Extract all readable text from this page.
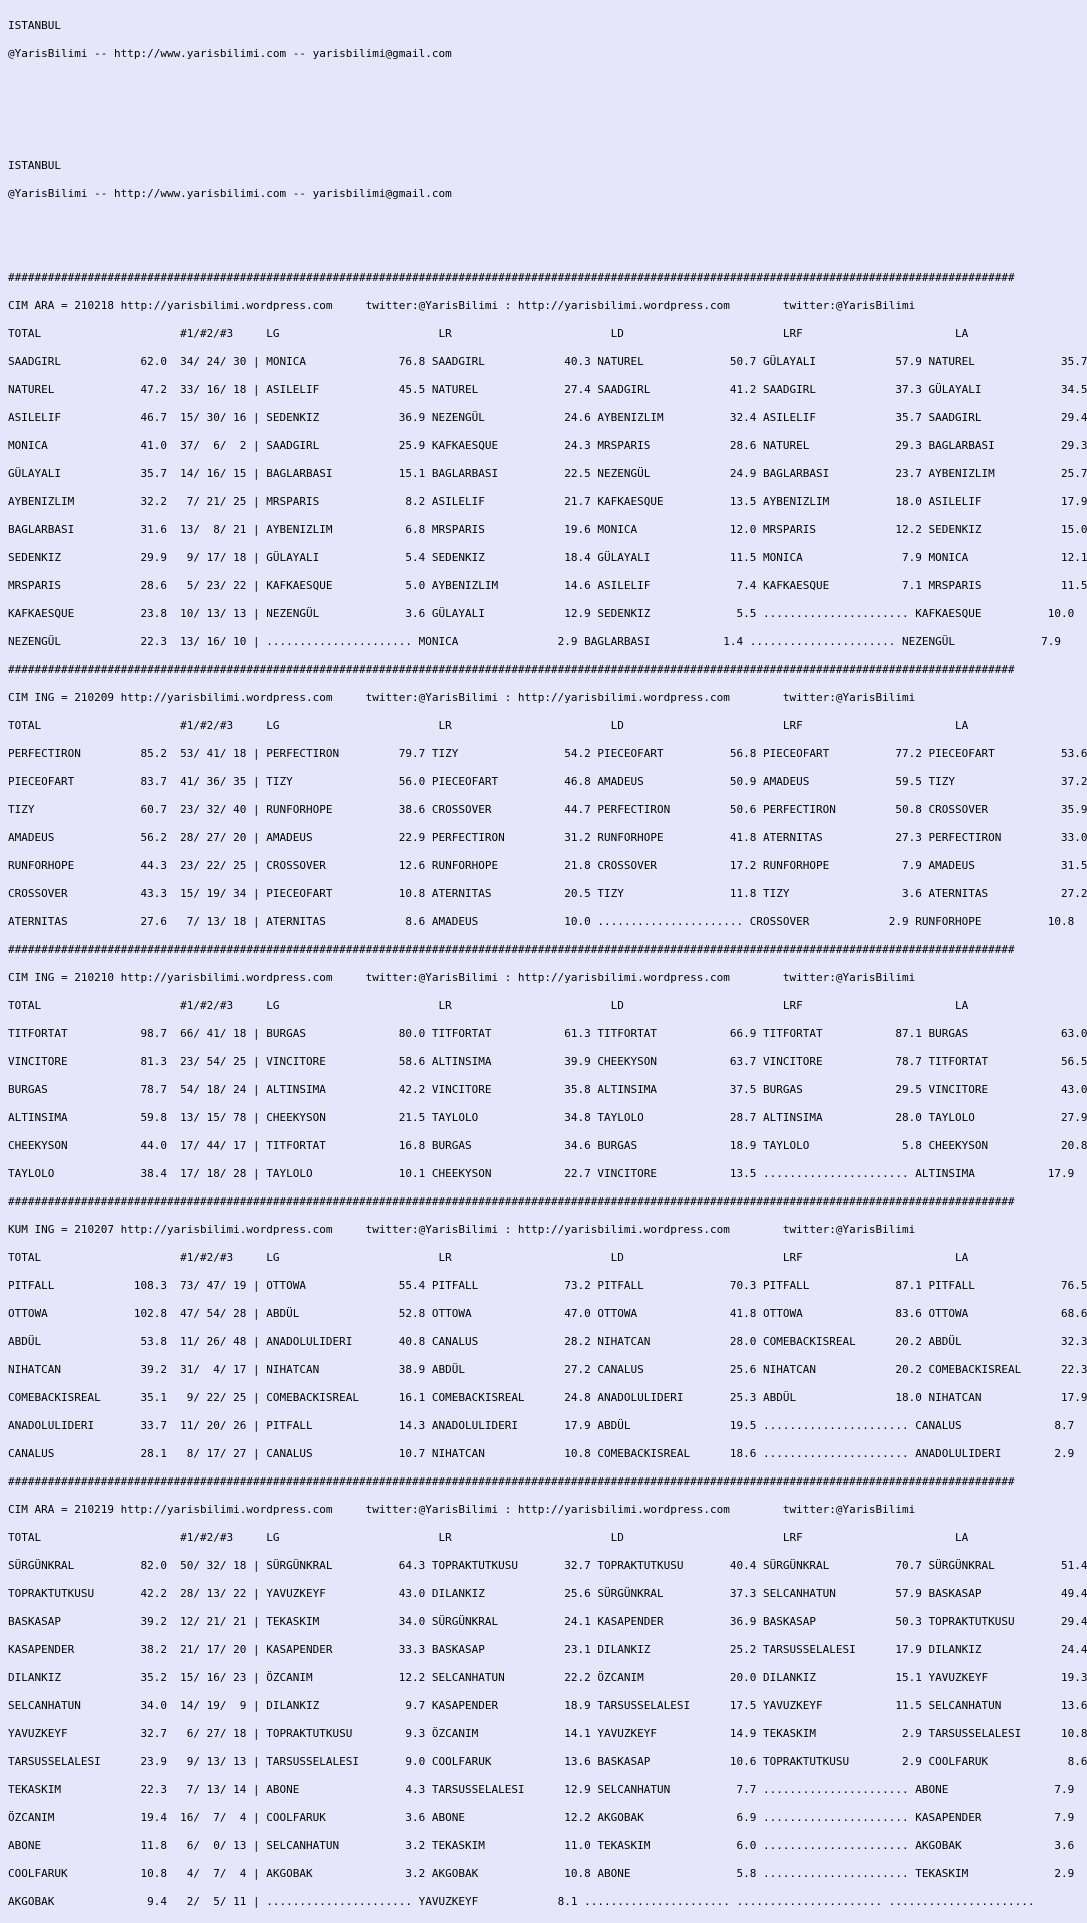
ISTANBUL

@YarisBilimi -- http://www.yarisbilimi.com -- yarisbilimi@gmail.com

ISTANBUL

@YarisBilimi -- http://www.yarisbilimi.com -- yarisbilimi@gmail.com

########################################################################################################################################################

CIM ARA = 210218 http://yarisbilimi.wordpress.com     twitter:@YarisBilimi : http://yarisbilimi.wordpress.com        twitter:@YarisBilimi

TOTAL                     #1/#2/#3     LG                        LR                        LD                        LRF                       LA

SAADGIRL            62.0  34/ 24/ 30 | MONICA              76.8 SAADGIRL            40.3 NATUREL             50.7 GÜLAYALI            57.9 NATUREL             35.7

NATUREL             47.2  33/ 16/ 18 | ASILELIF            45.5 NATUREL             27.4 SAADGIRL            41.2 SAADGIRL            37.3 GÜLAYALI            34.5

ASILELIF            46.7  15/ 30/ 16 | SEDENKIZ            36.9 NEZENGÜL            24.6 AYBENIZLIM          32.4 ASILELIF            35.7 SAADGIRL            29.4

MONICA              41.0  37/  6/  2 | SAADGIRL            25.9 KAFKAESQUE          24.3 MRSPARIS            28.6 NATUREL             29.3 BAGLARBASI          29.3

GÜLAYALI            35.7  14/ 16/ 15 | BAGLARBASI          15.1 BAGLARBASI          22.5 NEZENGÜL            24.9 BAGLARBASI          23.7 AYBENIZLIM          25.7

AYBENIZLIM          32.2   7/ 21/ 25 | MRSPARIS             8.2 ASILELIF            21.7 KAFKAESQUE          13.5 AYBENIZLIM          18.0 ASILELIF            17.9

BAGLARBASI          31.6  13/  8/ 21 | AYBENIZLIM           6.8 MRSPARIS            19.6 MONICA              12.0 MRSPARIS            12.2 SEDENKIZ            15.0

SEDENKIZ            29.9   9/ 17/ 18 | GÜLAYALI             5.4 SEDENKIZ            18.4 GÜLAYALI            11.5 MONICA               7.9 MONICA              12.1

MRSPARIS            28.6   5/ 23/ 22 | KAFKAESQUE           5.0 AYBENIZLIM          14.6 ASILELIF             7.4 KAFKAESQUE           7.1 MRSPARIS            11.5

KAFKAESQUE          23.8  10/ 13/ 13 | NEZENGÜL             3.6 GÜLAYALI            12.9 SEDENKIZ             5.5 ...................... KAFKAESQUE          10.0

NEZENGÜL            22.3  13/ 16/ 10 | ...................... MONICA               2.9 BAGLARBASI           1.4 ...................... NEZENGÜL             7.9

########################################################################################################################################################

CIM ING = 210209 http://yarisbilimi.wordpress.com     twitter:@YarisBilimi : http://yarisbilimi.wordpress.com        twitter:@YarisBilimi

TOTAL                     #1/#2/#3     LG                        LR                        LD                        LRF                       LA

PERFECTIRON         85.2  53/ 41/ 18 | PERFECTIRON         79.7 TIZY                54.2 PIECEOFART          56.8 PIECEOFART          77.2 PIECEOFART          53.6

PIECEOFART          83.7  41/ 36/ 35 | TIZY                56.0 PIECEOFART          46.8 AMADEUS             50.9 AMADEUS             59.5 TIZY                37.2

TIZY                60.7  23/ 32/ 40 | RUNFORHOPE          38.6 CROSSOVER           44.7 PERFECTIRON         50.6 PERFECTIRON         50.8 CROSSOVER           35.9

AMADEUS             56.2  28/ 27/ 20 | AMADEUS             22.9 PERFECTIRON         31.2 RUNFORHOPE          41.8 ATERNITAS           27.3 PERFECTIRON         33.0

RUNFORHOPE          44.3  23/ 22/ 25 | CROSSOVER           12.6 RUNFORHOPE          21.8 CROSSOVER           17.2 RUNFORHOPE           7.9 AMADEUS             31.5

CROSSOVER           43.3  15/ 19/ 34 | PIECEOFART          10.8 ATERNITAS           20.5 TIZY                11.8 TIZY                 3.6 ATERNITAS           27.2

ATERNITAS           27.6   7/ 13/ 18 | ATERNITAS            8.6 AMADEUS             10.0 ...................... CROSSOVER            2.9 RUNFORHOPE          10.8

########################################################################################################################################################

CIM ING = 210210 http://yarisbilimi.wordpress.com     twitter:@YarisBilimi : http://yarisbilimi.wordpress.com        twitter:@YarisBilimi

TOTAL                     #1/#2/#3     LG                        LR                        LD                        LRF                       LA

TITFORTAT           98.7  66/ 41/ 18 | BURGAS              80.0 TITFORTAT           61.3 TITFORTAT           66.9 TITFORTAT           87.1 BURGAS              63.0

VINCITORE           81.3  23/ 54/ 25 | VINCITORE           58.6 ALTINSIMA           39.9 CHEEKYSON           63.7 VINCITORE           78.7 TITFORTAT           56.5

BURGAS              78.7  54/ 18/ 24 | ALTINSIMA           42.2 VINCITORE           35.8 ALTINSIMA           37.5 BURGAS              29.5 VINCITORE           43.0

ALTINSIMA           59.8  13/ 15/ 78 | CHEEKYSON           21.5 TAYLOLO             34.8 TAYLOLO             28.7 ALTINSIMA           28.0 TAYLOLO             27.9

CHEEKYSON           44.0  17/ 44/ 17 | TITFORTAT           16.8 BURGAS              34.6 BURGAS              18.9 TAYLOLO              5.8 CHEEKYSON           20.8

TAYLOLO             38.4  17/ 18/ 28 | TAYLOLO             10.1 CHEEKYSON           22.7 VINCITORE           13.5 ...................... ALTINSIMA           17.9

########################################################################################################################################################

KUM ING = 210207 http://yarisbilimi.wordpress.com     twitter:@YarisBilimi : http://yarisbilimi.wordpress.com        twitter:@YarisBilimi

TOTAL                     #1/#2/#3     LG                        LR                        LD                        LRF                       LA

PITFALL            108.3  73/ 47/ 19 | OTTOWA              55.4 PITFALL             73.2 PITFALL             70.3 PITFALL             87.1 PITFALL             76.5

OTTOWA             102.8  47/ 54/ 28 | ABDÜL               52.8 OTTOWA              47.0 OTTOWA              41.8 OTTOWA              83.6 OTTOWA              68.6

ABDÜL               53.8  11/ 26/ 48 | ANADOLULIDERI       40.8 CANALUS             28.2 NIHATCAN            28.0 COMEBACKISREAL      20.2 ABDÜL               32.3

NIHATCAN            39.2  31/  4/ 17 | NIHATCAN            38.9 ABDÜL               27.2 CANALUS             25.6 NIHATCAN            20.2 COMEBACKISREAL      22.3

COMEBACKISREAL      35.1   9/ 22/ 25 | COMEBACKISREAL      16.1 COMEBACKISREAL      24.8 ANADOLULIDERI       25.3 ABDÜL               18.0 NIHATCAN            17.9

ANADOLULIDERI       33.7  11/ 20/ 26 | PITFALL             14.3 ANADOLULIDERI       17.9 ABDÜL               19.5 ...................... CANALUS              8.7

CANALUS             28.1   8/ 17/ 27 | CANALUS             10.7 NIHATCAN            10.8 COMEBACKISREAL      18.6 ...................... ANADOLULIDERI        2.9

########################################################################################################################################################

CIM ARA = 210219 http://yarisbilimi.wordpress.com     twitter:@YarisBilimi : http://yarisbilimi.wordpress.com        twitter:@YarisBilimi

TOTAL                     #1/#2/#3     LG                        LR                        LD                        LRF                       LA

SÜRGÜNKRAL          82.0  50/ 32/ 18 | SÜRGÜNKRAL          64.3 TOPRAKTUTKUSU       32.7 TOPRAKTUTKUSU       40.4 SÜRGÜNKRAL          70.7 SÜRGÜNKRAL          51.4

TOPRAKTUTKUSU       42.2  28/ 13/ 22 | YAVUZKEYF           43.0 DILANKIZ            25.6 SÜRGÜNKRAL          37.3 SELCANHATUN         57.9 BASKASAP            49.4

BASKASAP            39.2  12/ 21/ 21 | TEKASKIM            34.0 SÜRGÜNKRAL          24.1 KASAPENDER          36.9 BASKASAP            50.3 TOPRAKTUTKUSU       29.4

KASAPENDER          38.2  21/ 17/ 20 | KASAPENDER          33.3 BASKASAP            23.1 DILANKIZ            25.2 TARSUSSELALESI      17.9 DILANKIZ            24.4

DILANKIZ            35.2  15/ 16/ 23 | ÖZCANIM             12.2 SELCANHATUN         22.2 ÖZCANIM             20.0 DILANKIZ            15.1 YAVUZKEYF           19.3

SELCANHATUN         34.0  14/ 19/  9 | DILANKIZ             9.7 KASAPENDER          18.9 TARSUSSELALESI      17.5 YAVUZKEYF           11.5 SELCANHATUN         13.6

YAVUZKEYF           32.7   6/ 27/ 18 | TOPRAKTUTKUSU        9.3 ÖZCANIM             14.1 YAVUZKEYF           14.9 TEKASKIM             2.9 TARSUSSELALESI      10.8

TARSUSSELALESI      23.9   9/ 13/ 13 | TARSUSSELALESI       9.0 COOLFARUK           13.6 BASKASAP            10.6 TOPRAKTUTKUSU        2.9 COOLFARUK            8.6

TEKASKIM            22.3   7/ 13/ 14 | ABONE                4.3 TARSUSSELALESI      12.9 SELCANHATUN          7.7 ...................... ABONE                7.9

ÖZCANIM             19.4  16/  7/  4 | COOLFARUK            3.6 ABONE               12.2 AKGOBAK              6.9 ...................... KASAPENDER           7.9

ABONE               11.8   6/  0/ 13 | SELCANHATUN          3.2 TEKASKIM            11.0 TEKASKIM             6.0 ...................... AKGOBAK              3.6

COOLFARUK           10.8   4/  7/  4 | AKGOBAK              3.2 AKGOBAK             10.8 ABONE                5.8 ...................... TEKASKIM             2.9

AKGOBAK              9.4   2/  5/ 11 | ...................... YAVUZKEYF            8.1 ...................... ...................... ......................
